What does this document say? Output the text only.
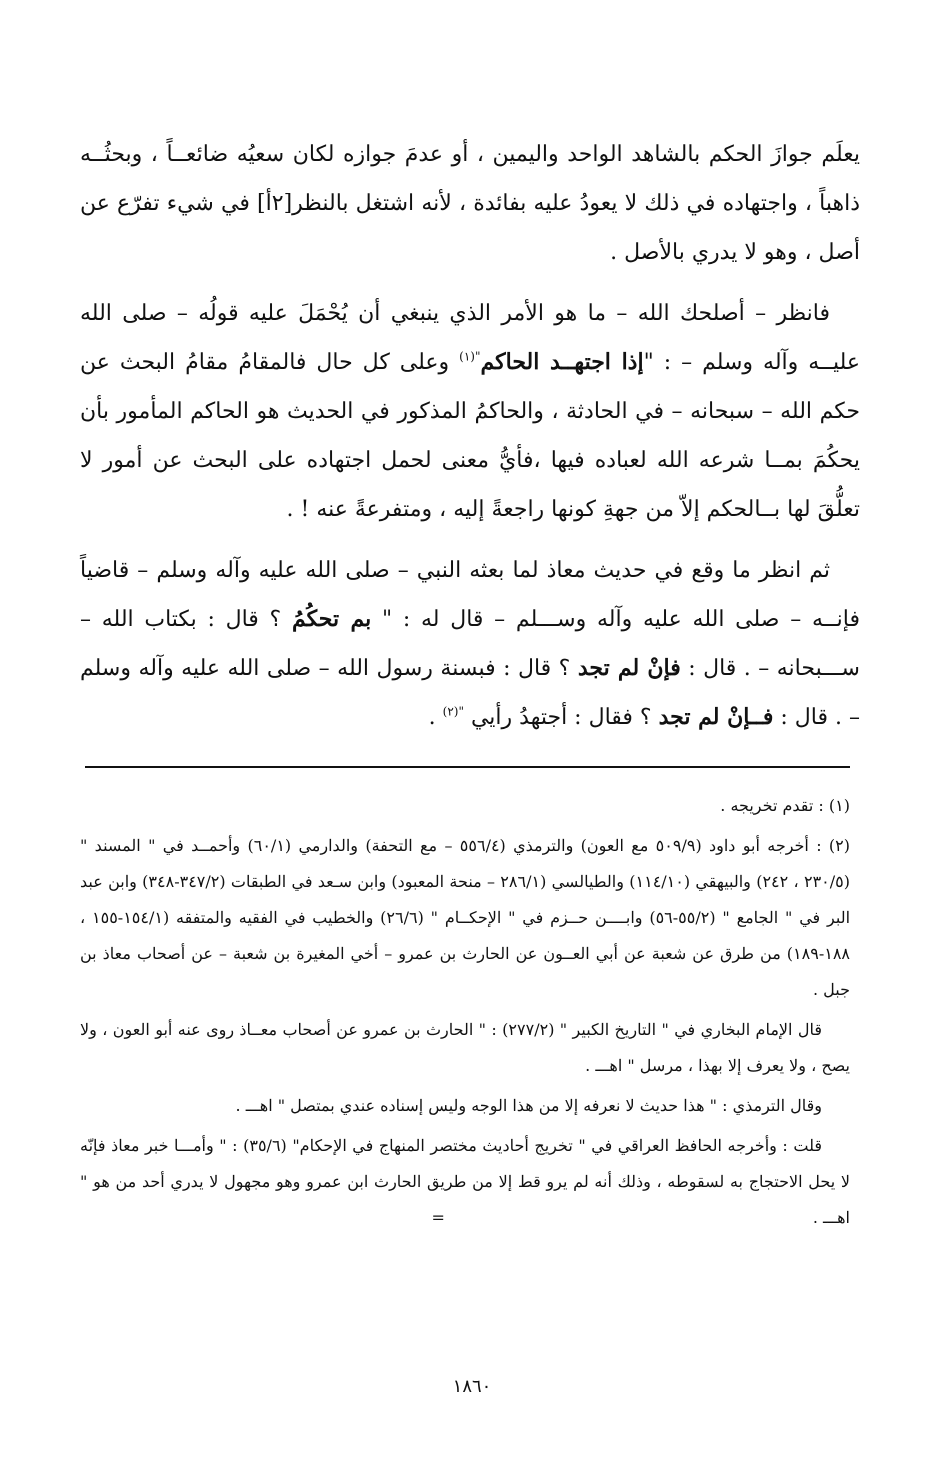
يعلَم جوازَ الحكم بالشاهد الواحد واليمين ، أو عدمَ جوازه لكان سعيُه ضائعــاً ، وبحثُــه ذاهباً ، واجتهاده في ذلك لا يعودُ عليه بفائدة ، لأنه اشتغل بالنظر[٢أ] في شيء تفرّع عن أصل ، وهو لا يدري بالأصل .

فانظر – أصلحك الله – ما هو الأمر الذي ينبغي أن يُحْمَلَ عليه قولُه – صلى الله عليــه وآله وسلم – : "إذا اجتهــد الحاكم$^{"(١)}$ وعلى كل حال فالمقامُ مقامُ البحث عن حكم الله – سبحانه – في الحادثة ، والحاكمُ المذكور في الحديث هو الحاكم المأمور بأن يحكُمَ بمــا شرعه الله لعباده فيها ،فأيُّ معنى لحمل اجتهاده على البحث عن أمور لا تعلُّقَ لها بــالحكم إلاّ من جهةِ كونها راجعةً إليه ، ومتفرعةً عنه ! .

ثم انظر ما وقع في حديث معاذ لما بعثه النبي – صلى الله عليه وآله وسلم – قاضياً فإنــه – صلى الله عليه وآله وســـلم – قال له : " بم تحكُمُ ؟ قال : بكتاب الله – ســـبحانه – . قال : فإنْ لم تجد ؟ قال : فبسنة رسول الله – صلى الله عليه وآله وسلم – . قال : فــإنْ لم تجد ؟ فقال : أجتهدُ رأيي $^{"(٢)}$ .

(١) : تقدم تخريجه .

(٢) : أخرجه أبو داود (٥٠٩/٩ مع العون) والترمذي (٥٥٦/٤ – مع التحفة) والدارمي (٦٠/١) وأحمــد في " المسند " (٢٣٠/٥ ، ٢٤٢) والبيهقي (١١٤/١٠) والطيالسي (٢٨٦/١ – منحة المعبود) وابن سـعد في الطبقات (٣٤٧/٢-٣٤٨) وابن عبد البر في " الجامع " (٥٥/٢-٥٦) وابــــن حــزم في " الإحكــام " (٢٦/٦) والخطيب في الفقيه والمتفقه (١٥٤/١-١٥٥ ، ١٨٨-١٨٩) من طرق عن شعبة عن أبي العــون عن الحارث بن عمرو – أخي المغيرة بن شعبة – عن أصحاب معاذ بن جبل .

قال الإمام البخاري في " التاريخ الكبير " (٢٧٧/٢) : " الحارث بن عمرو عن أصحاب معــاذ روى عنه أبو العون ، ولا يصح ، ولا يعرف إلا بهذا ، مرسل " اهـــ .

وقال الترمذي : " هذا حديث لا نعرفه إلا من هذا الوجه وليس إسناده عندي بمتصل " اهـــ .

قلت : وأخرجه الحافظ العراقي في " تخريج أحاديث مختصر المنهاج في الإحكام" (٣٥/٦) : " وأمـــا خبر معاذ فإنّه لا يحل الاحتجاج به لسقوطه ، وذلك أنه لم يرو قط إلا من طريق الحارث ابن عمرو وهو مجهول لا يدري أحد من هو " اهـــ .=

١٨٦٠
